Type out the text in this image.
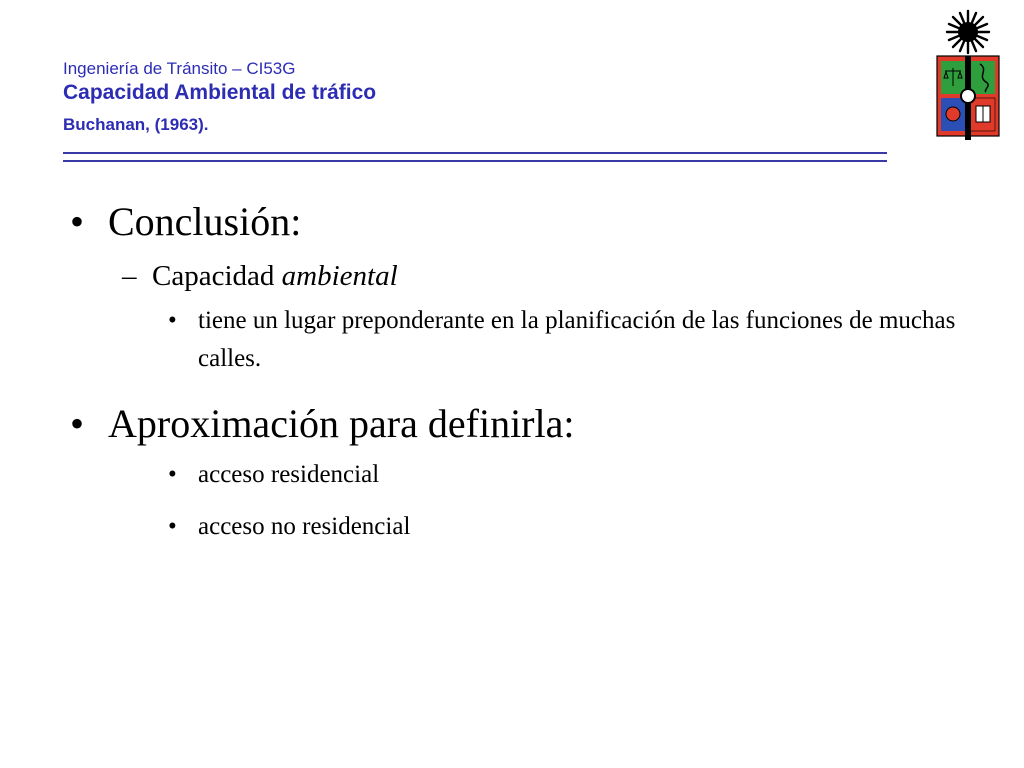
Ingeniería de Tránsito – CI53G
Capacidad Ambiental de tráfico
Buchanan, (1963).
• Conclusión:
– Capacidad ambiental
• tiene un lugar preponderante en la planificación de las funciones de muchas calles.
• Aproximación para definirla:
• acceso residencial
• acceso no residencial
